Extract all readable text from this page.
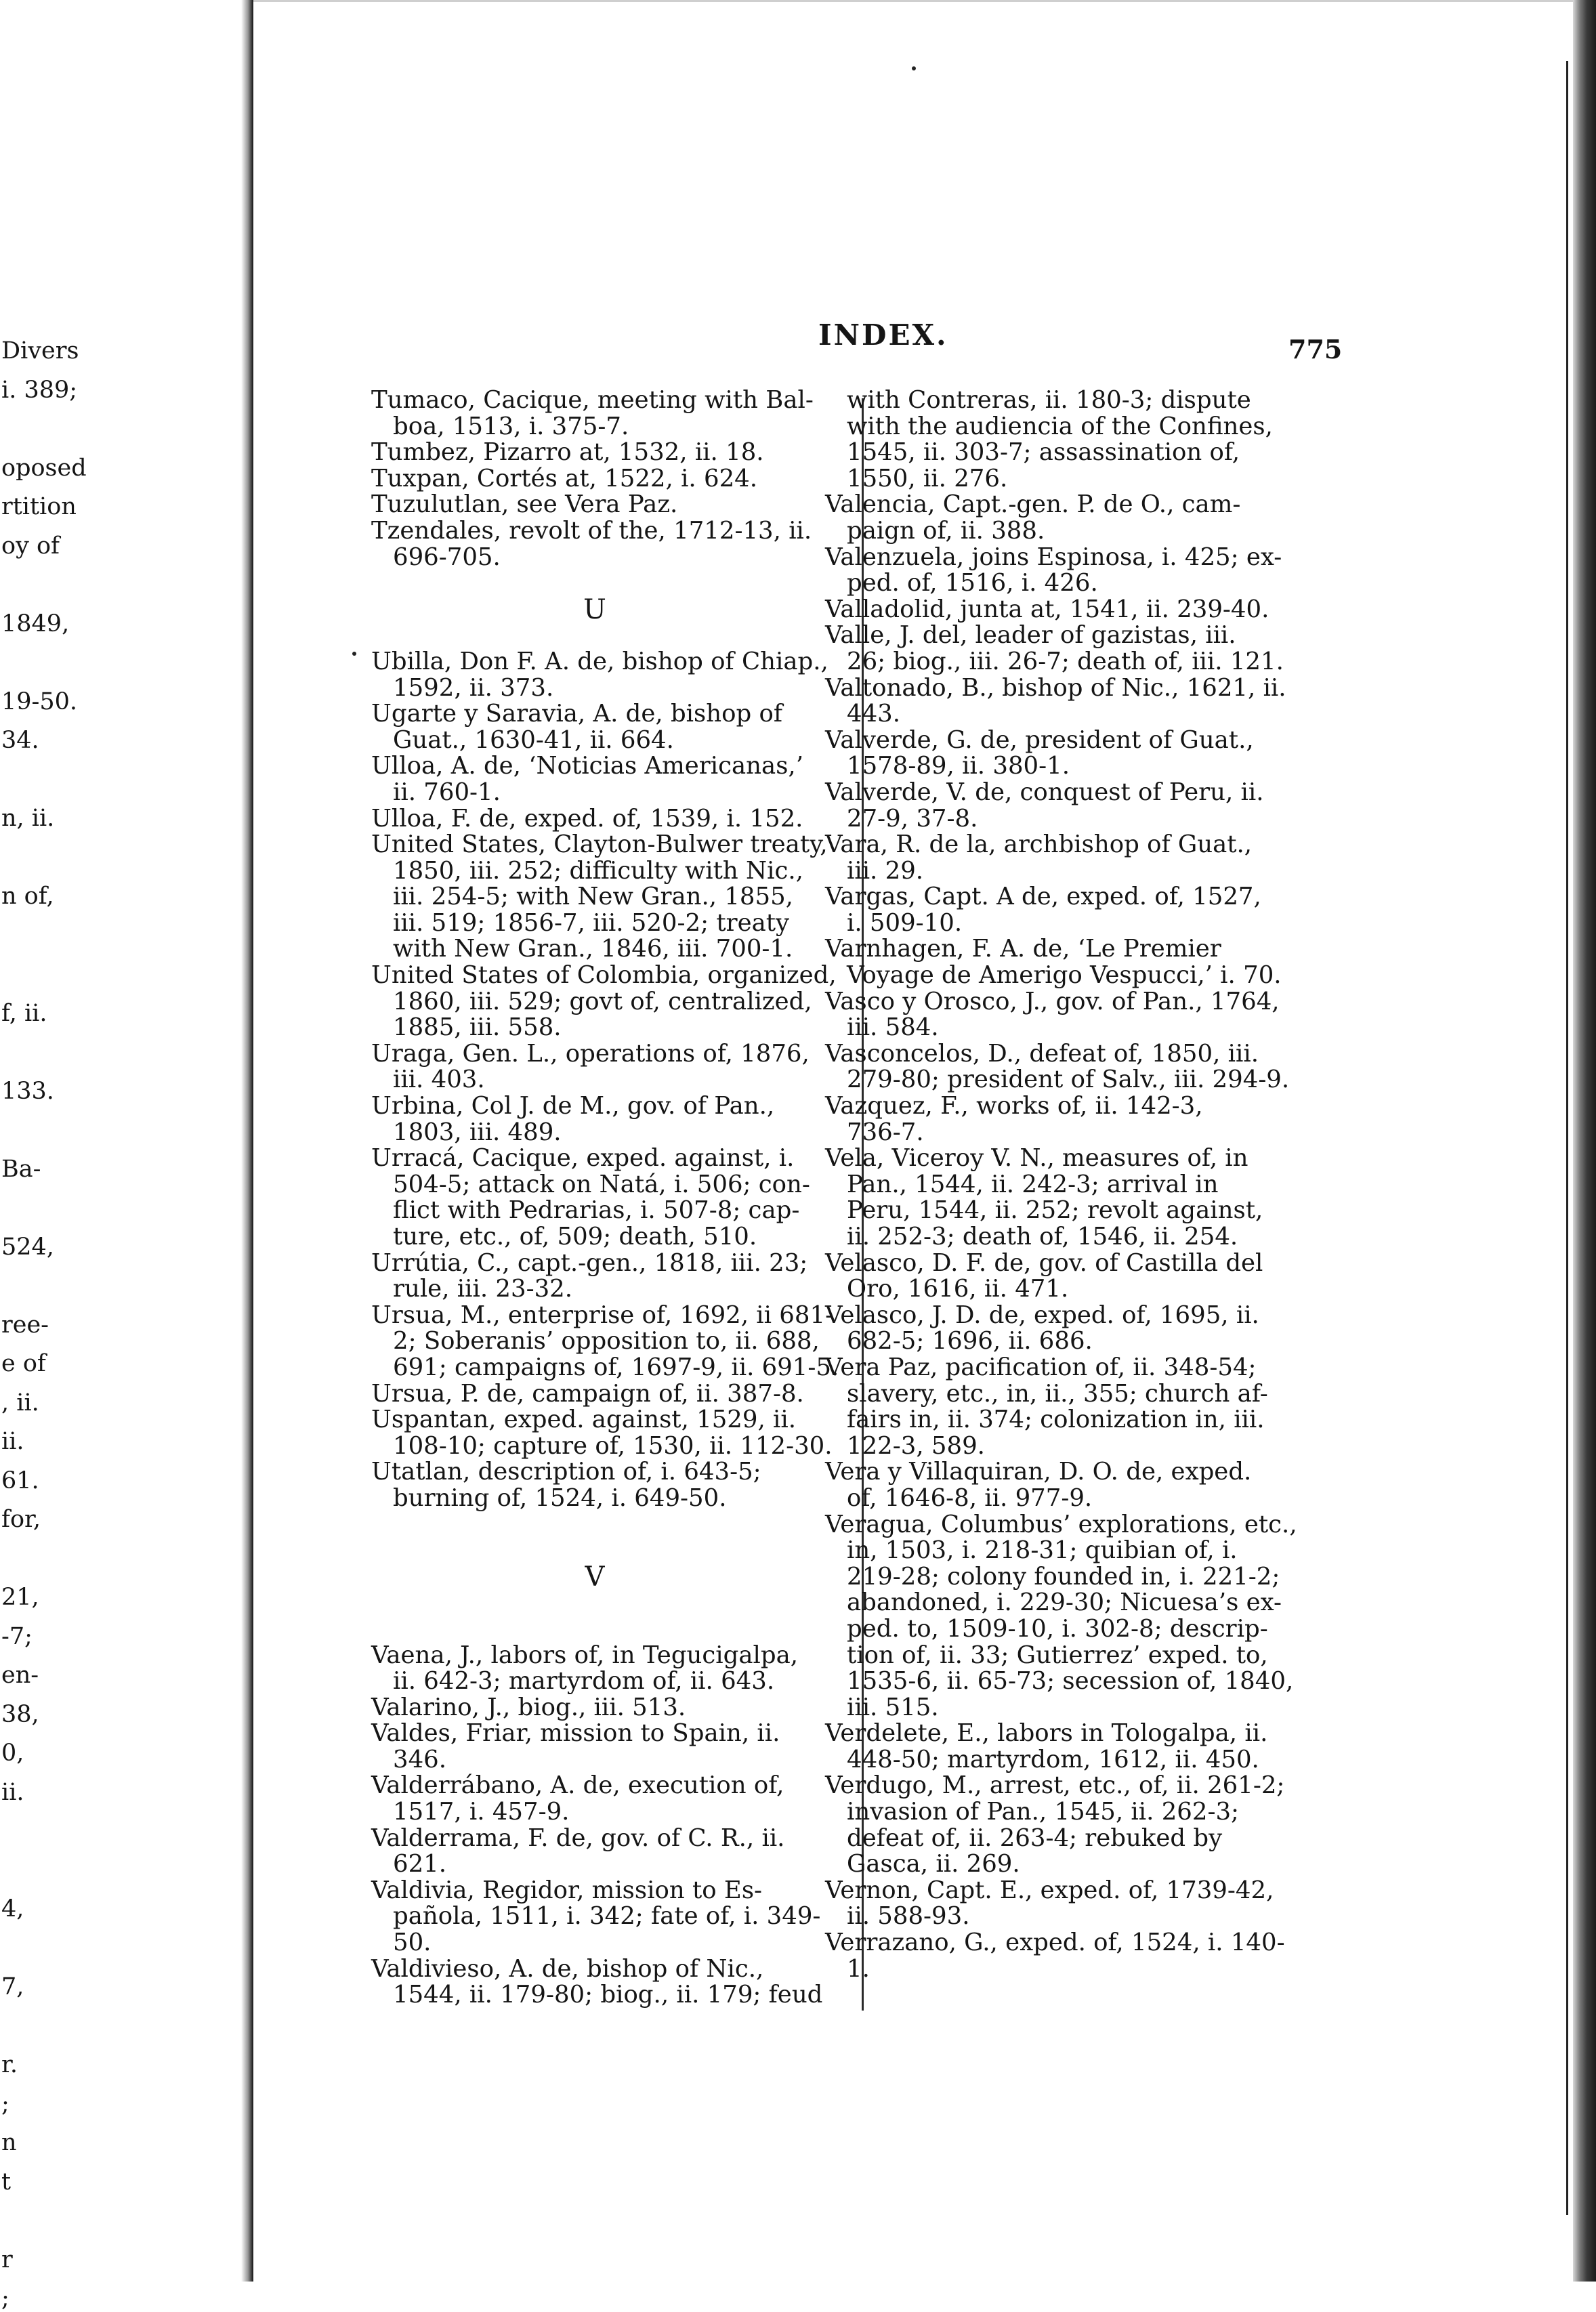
Divers
i. 389;
oposed
rtition
oy of
1849,
19-50.
34.
n, ii.
n of,
f, ii.
133.
Ba-
524,
ree-
e of
, ii.
ii.
61.
for,
21,
-7;
en-
38,
0,
ii.
4,
7,
r.
;
n
t
r
;
INDEX.	775
Tumaco, Cacique, meeting with Bal-
boa, 1513, i. 375-7.
Tumbez, Pizarro at, 1532, ii. 18.
Tuxpan, Cortés at, 1522, i. 624.
Tuzulutlan, see Vera Paz.
Tzendales, revolt of the, 1712-13, ii.
696-705.
U
Ubilla, Don F. A. de, bishop of Chiap.,
1592, ii. 373.
Ugarte y Saravia, A. de, bishop of
Guat., 1630-41, ii. 664.
Ulloa, A. de, ‘Noticias Americanas,’
ii. 760-1.
Ulloa, F. de, exped. of, 1539, i. 152.
United States, Clayton-Bulwer treaty,
1850, iii. 252; difficulty with Nic.,
iii. 254-5; with New Gran., 1855,
iii. 519; 1856-7, iii. 520-2; treaty
with New Gran., 1846, iii. 700-1.
United States of Colombia, organized,
1860, iii. 529; govt of, centralized,
1885, iii. 558.
Uraga, Gen. L., operations of, 1876,
iii. 403.
Urbina, Col J. de M., gov. of Pan.,
1803, iii. 489.
Urracá, Cacique, exped. against, i.
504-5; attack on Natá, i. 506; con-
flict with Pedrarias, i. 507-8; cap-
ture, etc., of, 509; death, 510.
Urrútia, C., capt.-gen., 1818, iii. 23;
rule, iii. 23-32.
Ursua, M., enterprise of, 1692, ii 681-
2; Soberanis’ opposition to, ii. 688,
691; campaigns of, 1697-9, ii. 691-5.
Ursua, P. de, campaign of, ii. 387-8.
Uspantan, exped. against, 1529, ii.
108-10; capture of, 1530, ii. 112-30.
Utatlan, description of, i. 643-5;
burning of, 1524, i. 649-50.
V
Vaena, J., labors of, in Tegucigalpa,
ii. 642-3; martyrdom of, ii. 643.
Valarino, J., biog., iii. 513.
Valdes, Friar, mission to Spain, ii.
346.
Valderrábano, A. de, execution of,
1517, i. 457-9.
Valderrama, F. de, gov. of C. R., ii.
621.
Valdivia, Regidor, mission to Es-
pañola, 1511, i. 342; fate of, i. 349-
50.
Valdivieso, A. de, bishop of Nic.,
1544, ii. 179-80; biog., ii. 179; feud
with Contreras, ii. 180-3; dispute
with the audiencia of the Confines,
1545, ii. 303-7; assassination of,
1550, ii. 276.
Valencia, Capt.-gen. P. de O., cam-
paign of, ii. 388.
Valenzuela, joins Espinosa, i. 425; ex-
ped. of, 1516, i. 426.
Valladolid, junta at, 1541, ii. 239-40.
Valle, J. del, leader of gazistas, iii.
26; biog., iii. 26-7; death of, iii. 121.
Valtonado, B., bishop of Nic., 1621, ii.
443.
Valverde, G. de, president of Guat.,
1578-89, ii. 380-1.
Valverde, V. de, conquest of Peru, ii.
27-9, 37-8.
Vara, R. de la, archbishop of Guat.,
iii. 29.
Vargas, Capt. A de, exped. of, 1527,
i. 509-10.
Varnhagen, F. A. de, ‘Le Premier
Voyage de Amerigo Vespucci,’ i. 70.
Vasco y Orosco, J., gov. of Pan., 1764,
iii. 584.
Vasconcelos, D., defeat of, 1850, iii.
279-80; president of Salv., iii. 294-9.
Vazquez, F., works of, ii. 142-3,
736-7.
Vela, Viceroy V. N., measures of, in
Pan., 1544, ii. 242-3; arrival in
Peru, 1544, ii. 252; revolt against,
ii. 252-3; death of, 1546, ii. 254.
Velasco, D. F. de, gov. of Castilla del
Oro, 1616, ii. 471.
Velasco, J. D. de, exped. of, 1695, ii.
682-5; 1696, ii. 686.
Vera Paz, pacification of, ii. 348-54;
slavery, etc., in, ii., 355; church af-
fairs in, ii. 374; colonization in, iii.
122-3, 589.
Vera y Villaquiran, D. O. de, exped.
of, 1646-8, ii. 977-9.
Veragua, Columbus’ explorations, etc.,
in, 1503, i. 218-31; quibian of, i.
219-28; colony founded in, i. 221-2;
abandoned, i. 229-30; Nicuesa’s ex-
ped. to, 1509-10, i. 302-8; descrip-
tion of, ii. 33; Gutierrez’ exped. to,
1535-6, ii. 65-73; secession of, 1840,
iii. 515.
Verdelete, E., labors in Tologalpa, ii.
448-50; martyrdom, 1612, ii. 450.
Verdugo, M., arrest, etc., of, ii. 261-2;
invasion of Pan., 1545, ii. 262-3;
defeat of, ii. 263-4; rebuked by
Gasca, ii. 269.
Vernon, Capt. E., exped. of, 1739-42,
ii. 588-93.
Verrazano, G., exped. of, 1524, i. 140-
1.
